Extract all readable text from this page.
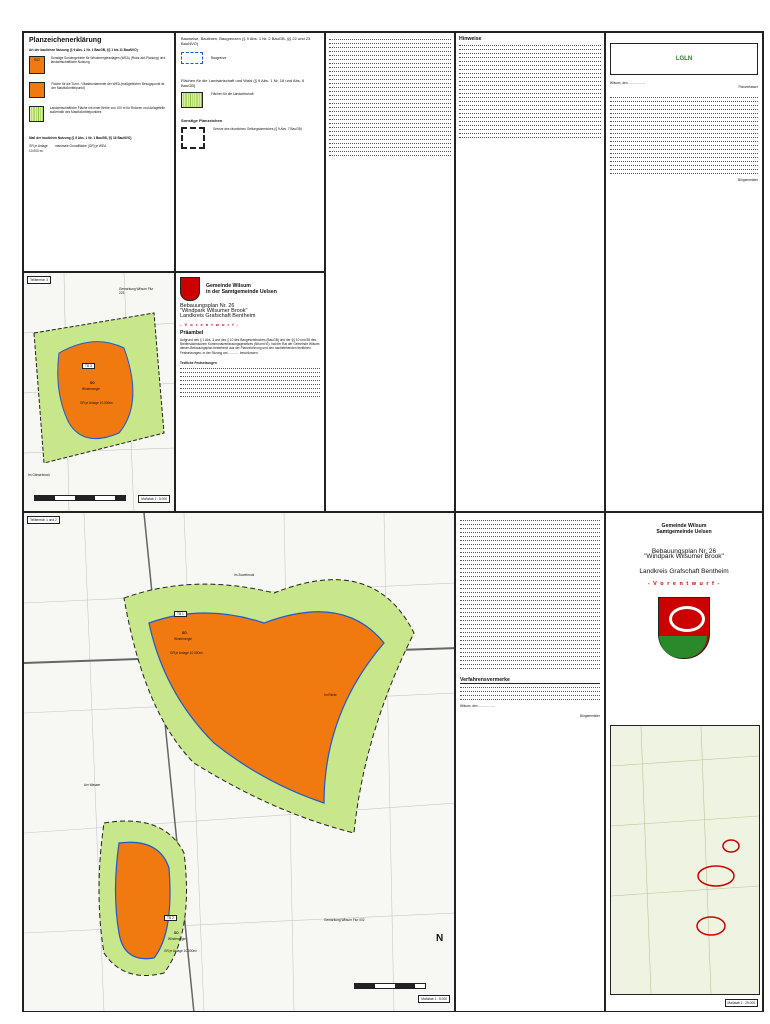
Planzeichenerklärung
Art der baulichen Nutzung (§ 9 Abs. 1 Nr. 1 BauGB, §§ 1 bis 11 BauNVO)
SO	Sonstige Sondergebiete für Windenergieanlagen (WEA) (Rotor-auf-Planung) und landwirtschaftliche Nutzung
Fläche für die Turm- / Mastfundamente der WEA (maßgeblicher Bezugspunkt ist der Mastfußmittelpunkt)
Landwirtschaftliche Fläche mit einer Breite von 100 m für Rotoren und Anlageteile außerhalb des Mastfußmittelpunktes
Maß der baulichen Nutzung (§ 9 Abs. 1 Nr. 1 BauGB, §§ 16 BauNVO)
GR je Anlage 10.000 m²
maximale Grundfläche (GR) je WEA
Bauweise, Baulinien, Baugrenzen (§ 9 Abs. 1 Nr. 2 BauGB, §§ 22 und 23 BauNVO)
Baugrenze
Flächen für die Landwirtschaft und Wald (§ 9 Abs. 1 Nr. 18 und Abs. 6 BauGB)
Flächen für die Landwirtschaft
Sonstige Planzeichen
Grenze des räumlichen Geltungsbereiches (§ 9 Abs. 7 BauGB)
Hinweise
LGLN
Wilsum, den ...................
Planverfasser
Bürgermeister
Teilbereich 3
TB 3
SO
Windenergie
GR je Anlage 10.000m²
Gemarkung Wilsum Flur 223
Im Gänsebrook
Maßstab 1 : 5.000
Gemeinde Wilsum
in der Samtgemeinde Uelsen
Bebauungsplan Nr. 26
"Windpark Wilsumer Brook"
Landkreis Grafschaft Bentheim
- V o r e n t w u r f -
Präambel
Aufgrund des § 1 Abs. 3 und des § 10 des Baugesetzbuches (BauGB) und der §§ 10 und 58 des Niedersächsischen Kommunalverfassungsgesetzes (NKomVG), hat der Rat der Gemeinde Wilsum diesen Bebauungsplan bestehend aus der Planzeichnung und den nachstehenden textlichen Festsetzungen, in der Sitzung am ............ beschlossen.
Textliche Festsetzungen
Teilbereich 1 und 2
TB 1
SO
Windenergie
GR je Anlage 10.000m²
TB 2
SO
Windenergie
GR je Anlage 10.000m²
Im Zuwebrook
Im Riede
Am Wasser
Gemarkung Wilsum Flur 002
N
Maßstab 1 : 5.000
Verfahrensvermerke
Wilsum, den ...................
Bürgermeister
Gemeinde Wilsum
Samtgemeinde Uelsen
Bebauungsplan Nr. 26
"Windpark Wilsumer Brook"
Landkreis Grafschaft Bentheim
- V o r e n t w u r f -
Maßstab 1 : 25.000
